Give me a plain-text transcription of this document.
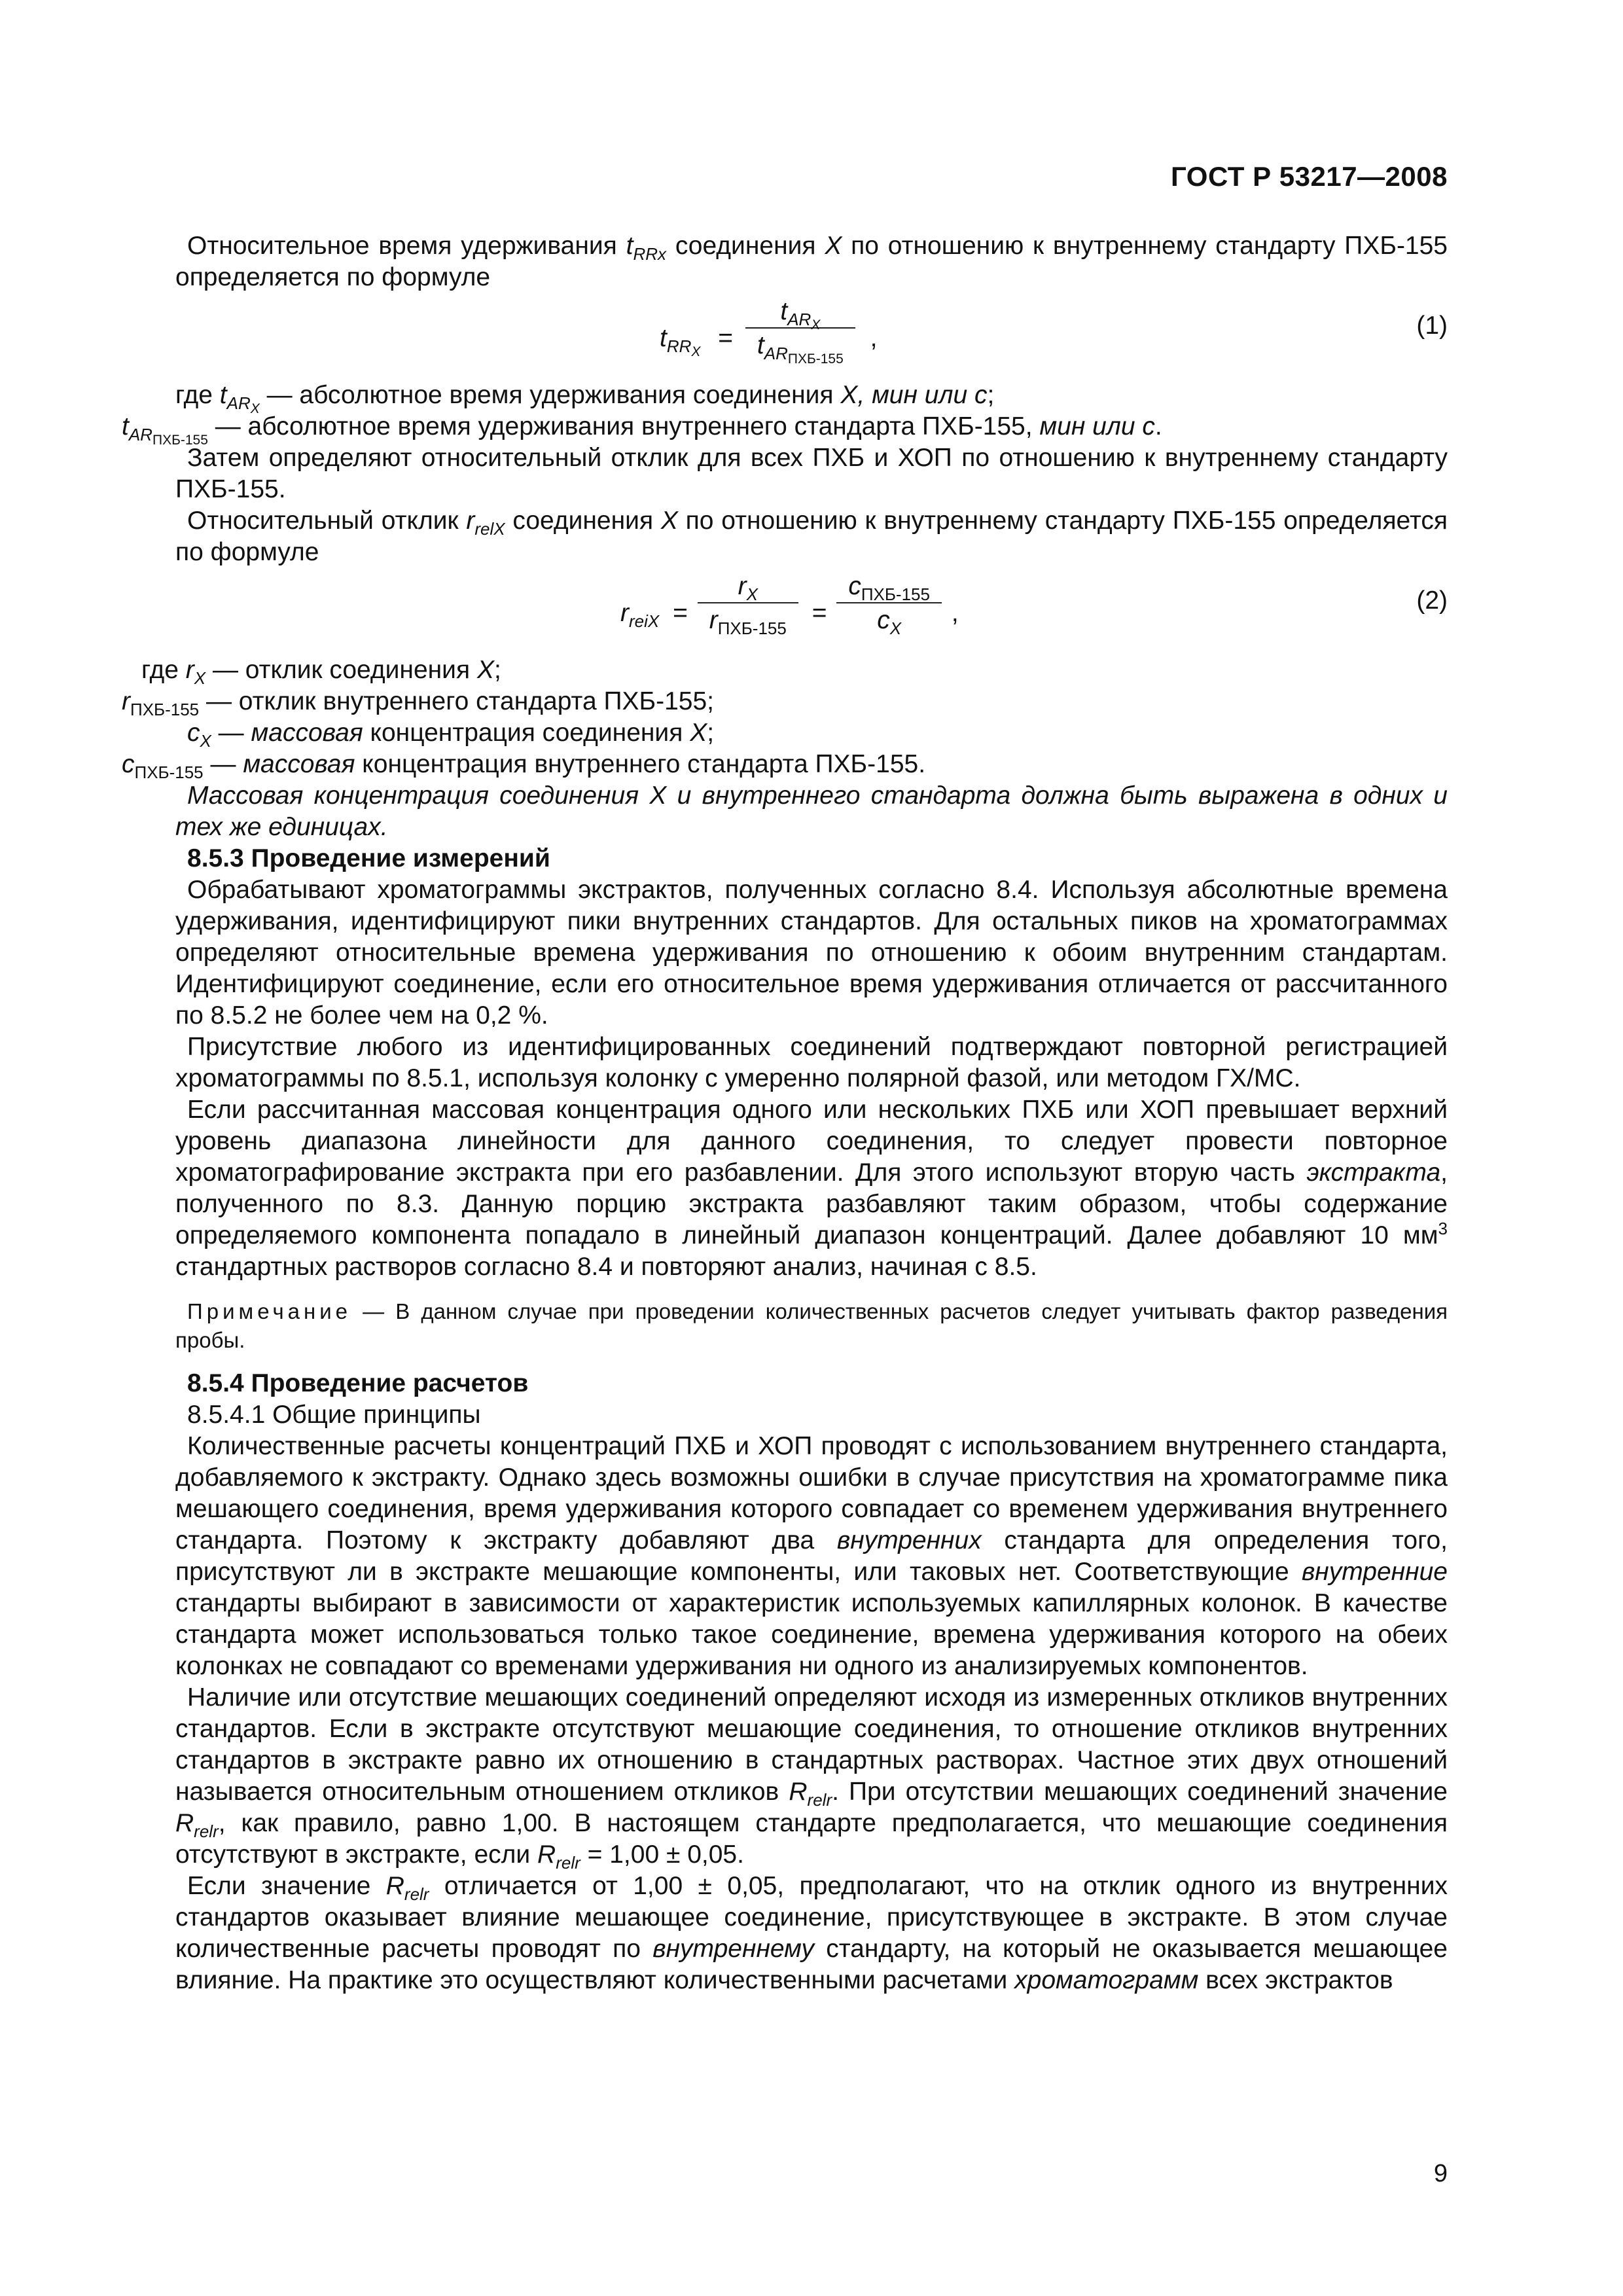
ГОСТ Р 53217—2008

Относительное время удерживания $t_{RRx}$ соединения X по отношению к внутреннему стандарту ПХБ-155 определяется по формуле

$t_{RRX} = \frac{t_{ARX}}{t_{ARПХБ-155}}$ ,	(1)

где $t_{ARX}$ — абсолютное время удерживания соединения X, мин или с;

$t_{ARПХБ-155}$ — абсолютное время удерживания внутреннего стандарта ПХБ-155, мин или с.

Затем определяют относительный отклик для всех ПХБ и ХОП по отношению к внутреннему стандарту ПХБ-155.

Относительный отклик $r_{relX}$ соединения X по отношению к внутреннему стандарту ПХБ-155 определяется по формуле

$r_{reiX} = \frac{r_X}{r_{ПХБ-155}} = \frac{c_{ПХБ-155}}{c_X}$ ,	(2)

где $r_X$ — отклик соединения X;

$r_{ПХБ-155}$ — отклик внутреннего стандарта ПХБ-155;

$c_X$ — массовая концентрация соединения X;

$c_{ПХБ-155}$ — массовая концентрация внутреннего стандарта ПХБ-155.

Массовая концентрация соединения X и внутреннего стандарта должна быть выражена в одних и тех же единицах.

8.5.3 Проведение измерений

Обрабатывают хроматограммы экстрактов, полученных согласно 8.4. Используя абсолютные времена удерживания, идентифицируют пики внутренних стандартов. Для остальных пиков на хроматограммах определяют относительные времена удерживания по отношению к обоим внутренним стандартам. Идентифицируют соединение, если его относительное время удерживания отличается от рассчитанного по 8.5.2 не более чем на 0,2 %.

Присутствие любого из идентифицированных соединений подтверждают повторной регистрацией хроматограммы по 8.5.1, используя колонку с умеренно полярной фазой, или методом ГХ/МС.

Если рассчитанная массовая концентрация одного или нескольких ПХБ или ХОП превышает верхний уровень диапазона линейности для данного соединения, то следует провести повторное хроматографирование экстракта при его разбавлении. Для этого используют вторую часть экстракта, полученного по 8.3. Данную порцию экстракта разбавляют таким образом, чтобы содержание определяемого компонента попадало в линейный диапазон концентраций. Далее добавляют 10 $мм^3$ стандартных растворов согласно 8.4 и повторяют анализ, начиная с 8.5.

Примечание — В данном случае при проведении количественных расчетов следует учитывать фактор разведения пробы.

8.5.4 Проведение расчетов

8.5.4.1 Общие принципы

Количественные расчеты концентраций ПХБ и ХОП проводят с использованием внутреннего стандарта, добавляемого к экстракту. Однако здесь возможны ошибки в случае присутствия на хроматограмме пика мешающего соединения, время удерживания которого совпадает со временем удерживания внутреннего стандарта. Поэтому к экстракту добавляют два внутренних стандарта для определения того, присутствуют ли в экстракте мешающие компоненты, или таковых нет. Соответствующие внутренние стандарты выбирают в зависимости от характеристик используемых капиллярных колонок. В качестве стандарта может использоваться только такое соединение, времена удерживания которого на обеих колонках не совпадают со временами удерживания ни одного из анализируемых компонентов.

Наличие или отсутствие мешающих соединений определяют исходя из измеренных откликов внутренних стандартов. Если в экстракте отсутствуют мешающие соединения, то отношение откликов внутренних стандартов в экстракте равно их отношению в стандартных растворах. Частное этих двух отношений называется относительным отношением откликов $R_{relr}$. При отсутствии мешающих соединений значение $R_{relr}$, как правило, равно 1,00. В настоящем стандарте предполагается, что мешающие соединения отсутствуют в экстракте, если $R_{relr} = 1,00 \pm 0,05$.

Если значение $R_{relr}$ отличается от 1,00 ± 0,05, предполагают, что на отклик одного из внутренних стандартов оказывает влияние мешающее соединение, присутствующее в экстракте. В этом случае количественные расчеты проводят по внутреннему стандарту, на который не оказывается мешающее влияние. На практике это осуществляют количественными расчетами хроматограмм всех экстрактов

9
